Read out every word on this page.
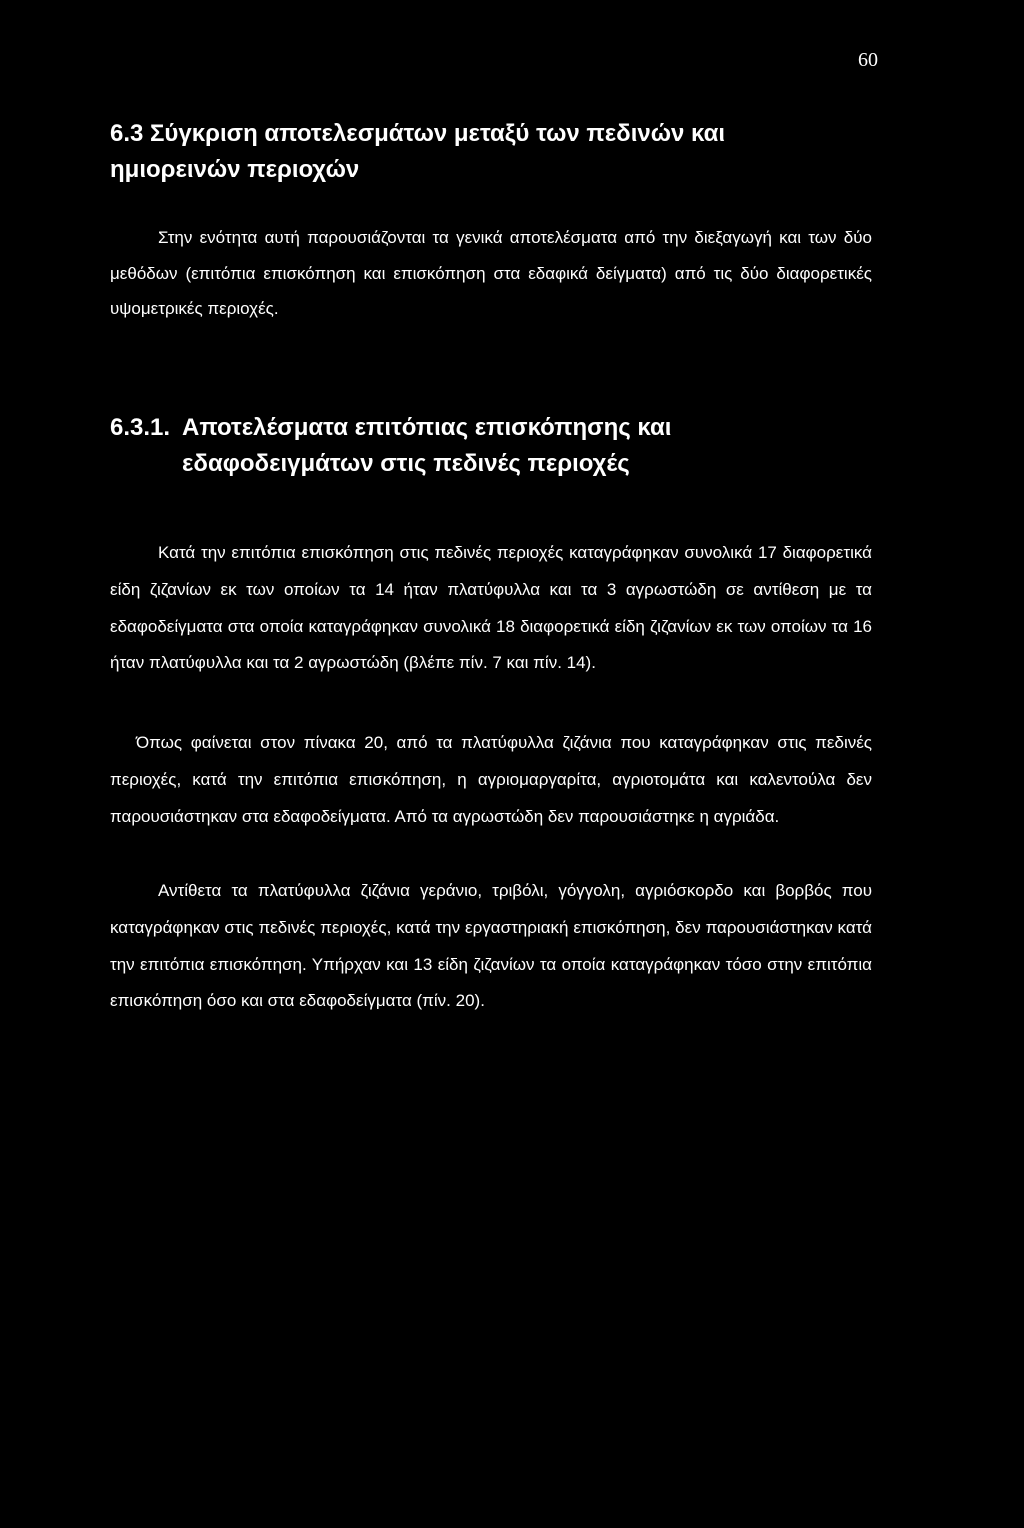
60
6.3 Σύγκριση αποτελεσμάτων μεταξύ των πεδινών και
ημιορεινών περιοχών

Στην ενότητα αυτή παρουσιάζονται τα γενικά αποτελέσματα από την διεξαγωγή και των δύο μεθόδων (επιτόπια επισκόπηση και επισκόπηση στα εδαφικά δείγματα) από τις δύο διαφορετικές υψομετρικές περιοχές.

6.3.1. Αποτελέσματα επιτόπιας επισκόπησης και
εδαφοδειγμάτων στις πεδινές περιοχές

Κατά την επιτόπια επισκόπηση στις πεδινές περιοχές καταγράφηκαν συνολικά 17 διαφορετικά είδη ζιζανίων εκ των οποίων τα 14 ήταν πλατύφυλλα και τα 3 αγρωστώδη σε αντίθεση με τα εδαφοδείγματα στα οποία καταγράφηκαν συνολικά 18 διαφορετικά είδη ζιζανίων εκ των οποίων τα 16 ήταν πλατύφυλλα και τα 2 αγρωστώδη (βλέπε πίν. 7 και πίν. 14).

Όπως φαίνεται στον πίνακα 20, από τα πλατύφυλλα ζιζάνια που καταγράφηκαν στις πεδινές περιοχές, κατά την επιτόπια επισκόπηση, η αγριομαργαρίτα, αγριοτομάτα και καλεντούλα δεν παρουσιάστηκαν στα εδαφοδείγματα. Από τα αγρωστώδη δεν παρουσιάστηκε η αγριάδα.

Αντίθετα τα πλατύφυλλα ζιζάνια γεράνιο, τριβόλι, γόγγολη, αγριόσκορδο και βορβός που καταγράφηκαν στις πεδινές περιοχές, κατά την εργαστηριακή επισκόπηση, δεν παρουσιάστηκαν κατά την επιτόπια επισκόπηση. Υπήρχαν και 13 είδη ζιζανίων τα οποία καταγράφηκαν τόσο στην επιτόπια επισκόπηση όσο και στα εδαφοδείγματα (πίν. 20).
